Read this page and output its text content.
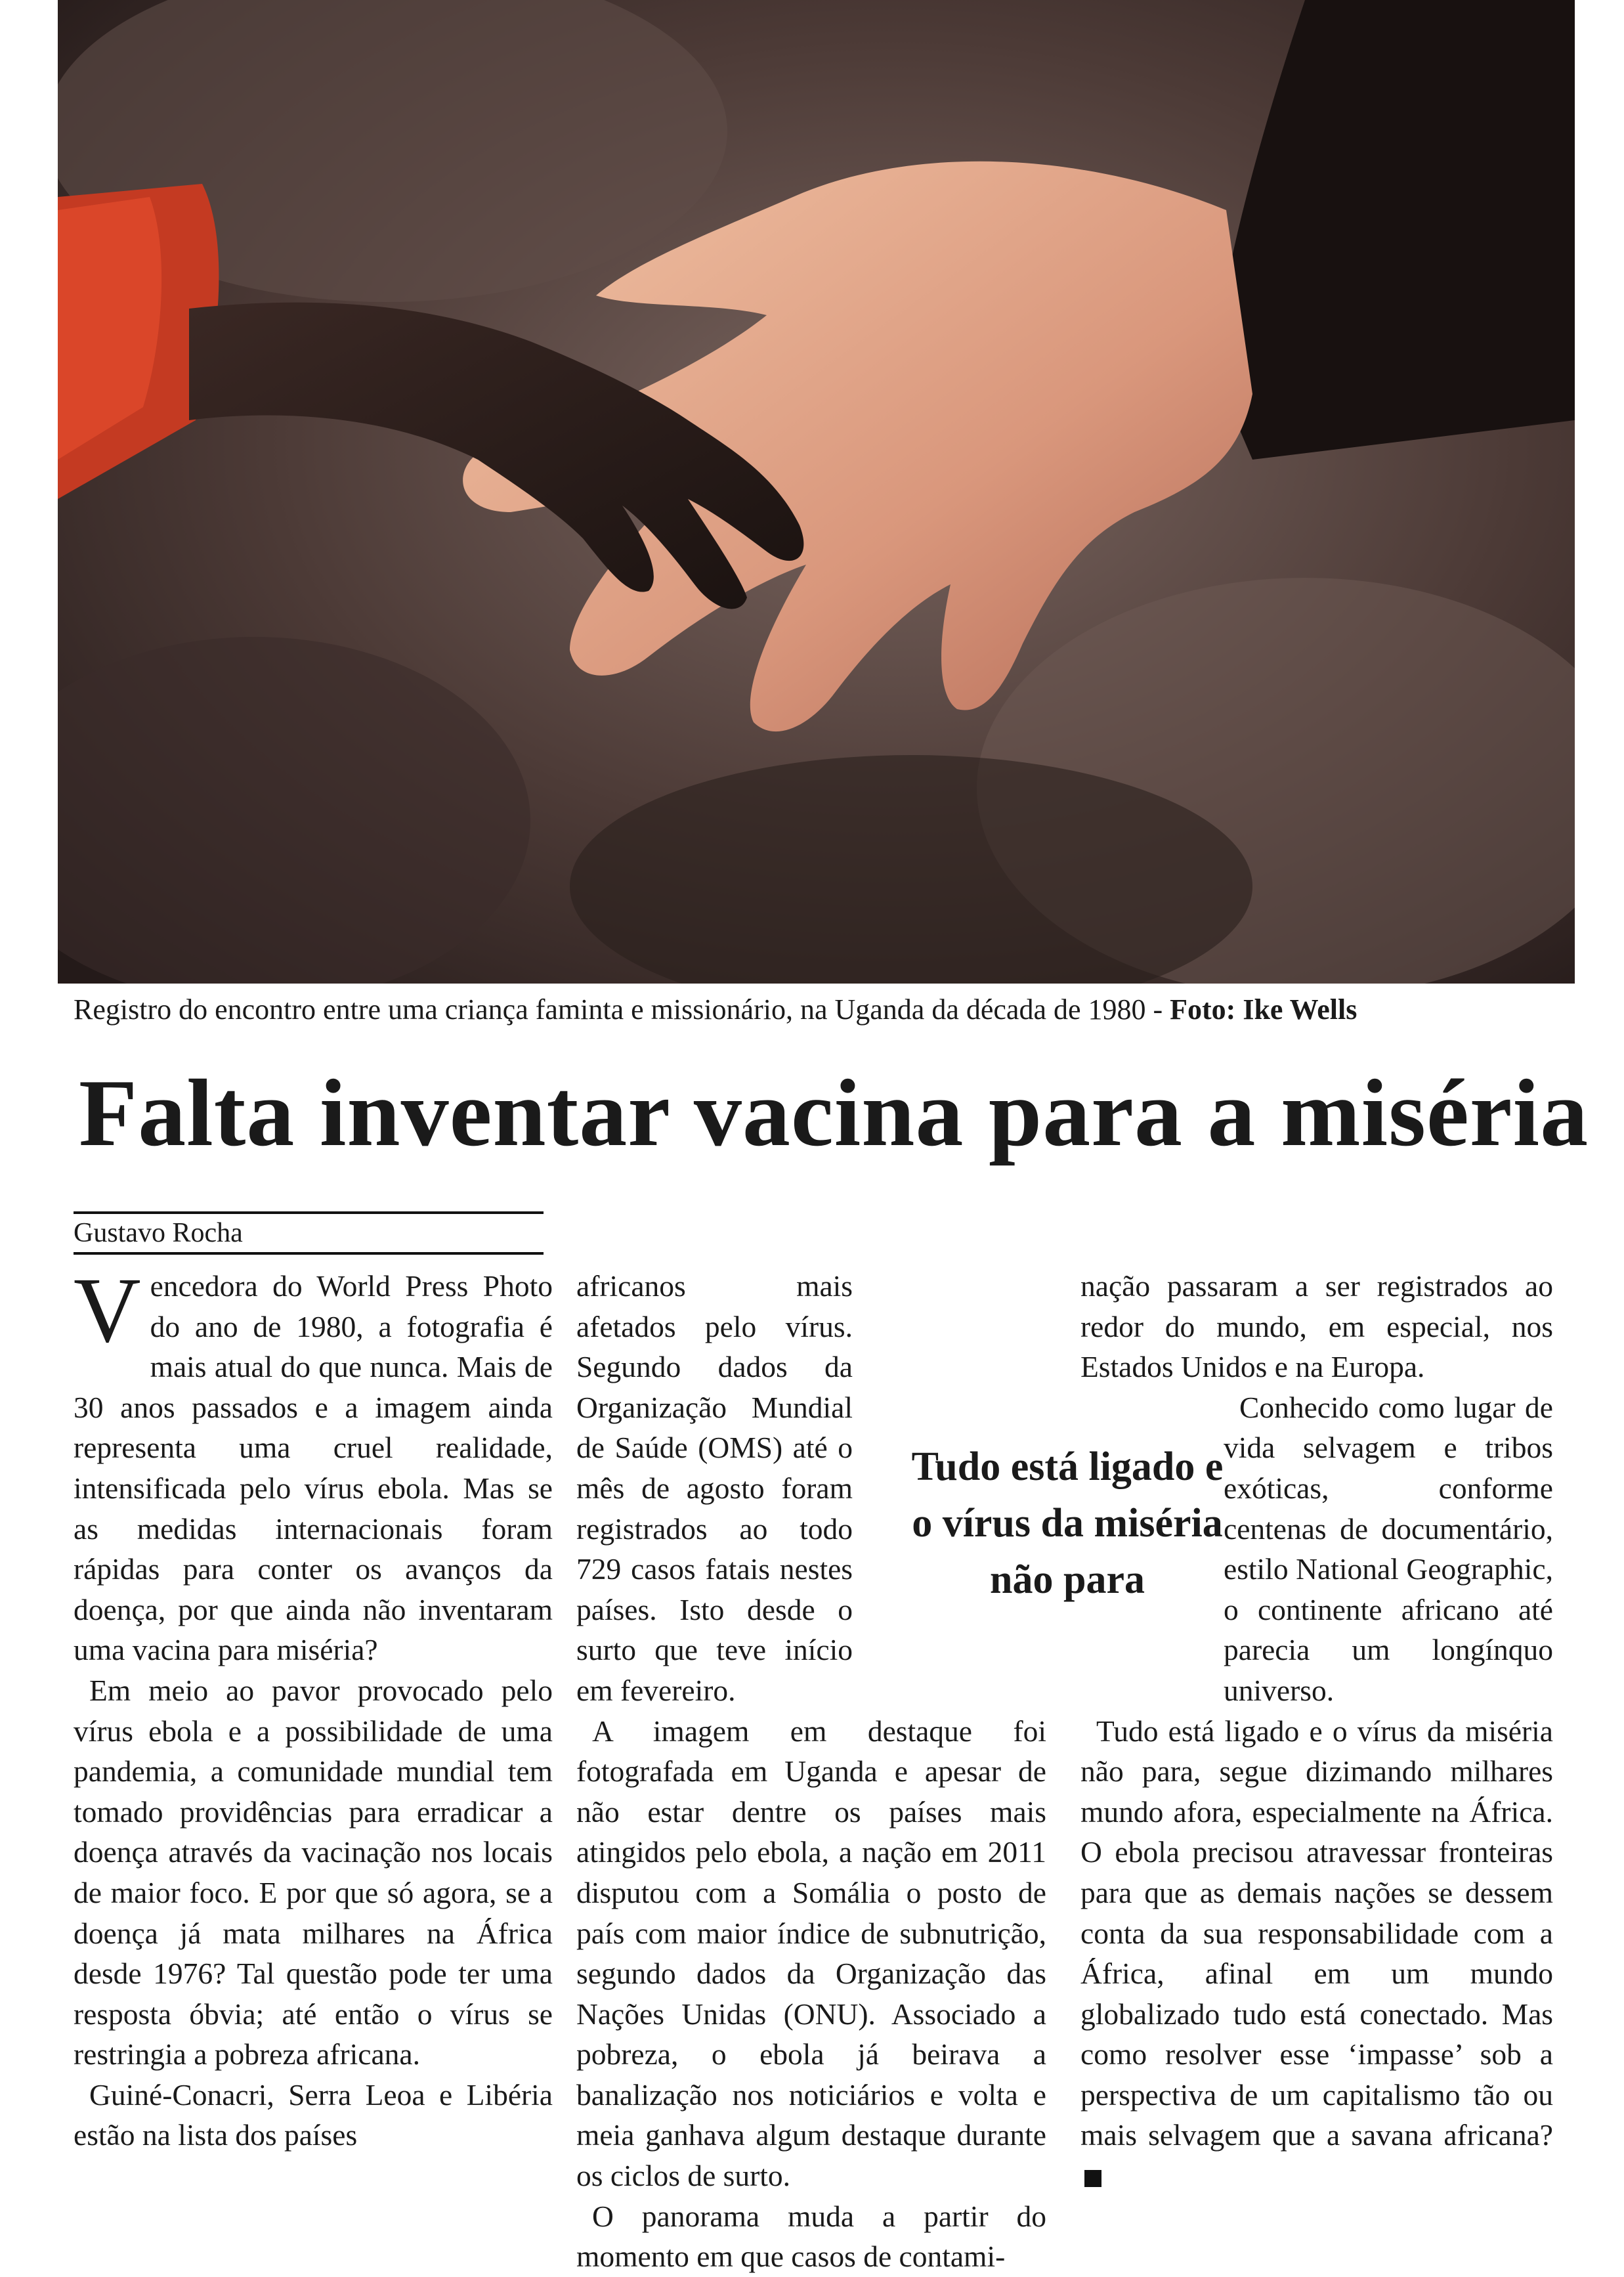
Registro do encontro entre uma criança faminta e missionário, na Uganda da década de 1980 - Foto: Ike Wells
Falta inventar vacina para a miséria
Gustavo Rocha

Vencedora do World Press Photo do ano de 1980, a fotografia é mais atual do que nunca. Mais de 30 anos passados e a imagem ainda representa uma cruel realidade, intensificada pelo vírus ebola. Mas se as medidas internacionais foram rápidas para conter os avanços da doença, por que ainda não inventaram uma vacina para miséria?

Em meio ao pavor provocado pelo vírus ebola e a possibilidade de uma pandemia, a comunidade mundial tem tomado providências para erradicar a doença através da vacinação nos locais de maior foco. E por que só agora, se a doença já mata milhares na África desde 1976? Tal questão pode ter uma resposta óbvia; até então o vírus se restringia a pobreza africana.

Guiné-Conacri, Serra Leoa e Libéria estão na lista dos países

africanos mais afetados pelo vírus. Segundo dados da Organização Mundial de Saúde (OMS) até o mês de agosto foram registrados ao todo 729 casos fatais nestes países. Isto desde o surto que teve início em fevereiro.

A imagem em destaque foi fotografada em Uganda e apesar de não estar dentre os países mais atingidos pelo ebola, a nação em 2011 disputou com a Somália o posto de país com maior índice de subnutrição, segundo dados da Organização das Nações Unidas (ONU). Associado a pobreza, o ebola já beirava a banalização nos noticiários e volta e meia ganhava algum destaque durante os ciclos de surto.

O panorama muda a partir do momento em que casos de contami-

nação passaram a ser registrados ao redor do mundo, em especial, nos Estados Unidos e na Europa.

Conhecido como lugar de vida selvagem e tribos exóticas, conforme centenas de documentário, estilo National Geographic, o continente africano até parecia um longínquo universo.

Tudo está ligado e o vírus da miséria não para, segue dizimando milhares mundo afora, especialmente na África. O ebola precisou atravessar fronteiras para que as demais nações se dessem conta da sua responsabilidade com a África, afinal em um mundo globalizado tudo está conectado. Mas como resolver esse ‘impasse’ sob a perspectiva de um capitalismo tão ou mais selvagem que a savana africana?

Tudo está ligado e o vírus da miséria não para
